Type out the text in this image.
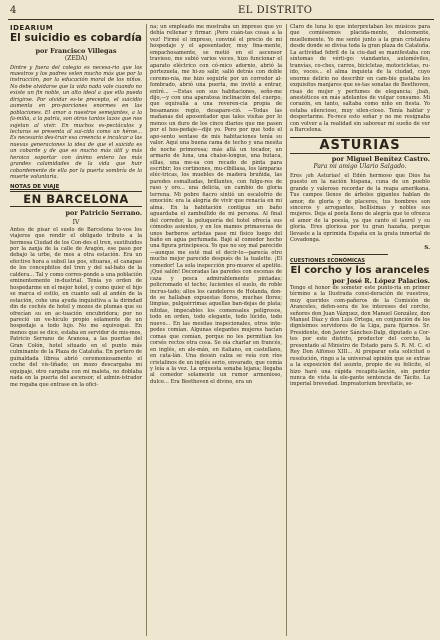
4	EL DISTRITO

IDEARIUM

El suicidio es cobardía

por Francisco Villegas

(ZEDA)

Dintre y fuera del colegio es necesa-rio que los maestros y los padres velen mucho más que por la instrucción, por la educación moral de los niños. No debe olvidarse que la vida nada vale cuando no existe un fin noble, un alto ideal a que ella pueda dirigirse. Por olvidar es-te precepto, el suicidio aumenta en pro-porciones enormes en las poblaciones. El amor a nuestros semejantes, a la fa-milia, a la patria, son otros tantos lazos que nos sujetan al vivir. En muchos es-pectáculos y lecturas se presenta al sui-cida como un héroe... Es necesario des-truir esa creencia e inculcar a las nuevas generaciones la idea de que el suicida es un cobarde y de que es mucho más útil y más heroico soportar con ánimo entero las más grandes calamidades de la vida que huir cobardemente de ella por la puerta sombría de la muerte voluntaria.

NOTAS DE VIAJE

EN BARCELONA

por Patricio Serrano.

IV

Antes de pisar el suelo de Barcelona to-vos los viajeros que rendir el obligado tributo a la hermosa Ciudad de los Con-des el tren, sustituidos por la zanja de la calle de Aragón, ese paso por debajo la urbe, de mos a otra estación. Era un efectivo hora a subsil las pos, situaras, el canapao de los concepbitos del tren y del sal-bato de la caldera... Tal y como corres-ponde a una población eminentemente in-dustrial. Tenía yo orden de hospedarme en el mejor hotel, y como quier el hijo se marca el estilo, en cuanto salí al andén de la estación, cohe una ayuda inquisitiva a la dirindad din de cochés de hotel y mozos de plumas que su ofrecían su en ac-tuación encubridora; por no pareció un ve-hículo propio solamente de un hospedaje a todo lujo. No me equivoqué. En menos que se dice, estaba en servidor de mis-mos, Patricio Serrano de Aranosa, a las puertas del Gran Colón, hotel situado en el punto más culminante de la Plaza de Cataluña. En portero de guinaldada librea abrió ceremoniosamente el coche del vis-tiñado; un mozo descargaba mi equipaje, otro cargaba con mi maleta, no doblaba nada en la puerta del ascensor, el admin-istrador me rogaba que entrase en la ofici-

na; un empleado me mostraba un impreso que yo debía rellenar y firmar. ¡Pero cuán-tas cosas a la vez! Firmé el impreso, conviné el precio de mi hospedaje y el aposentador, muy fina-mente, empachosamente, se metió en el ascensor travieso, me subió varios veces, hizo funcionar el aparato eléctrico con có-mico adornio, abrió la portezuela, me hi-zo salir, salió detrás con doble ceremo-nia, me hizo seguirle por un corredor al-fombrado, abrió una puerta, me invitó a entrar, entré... —Estas son sus habitaciones, seño-me dijo,—y con una aparatosa inclinación del cuerpo, que equivalía a una reveren-cia propia de besamanos regio, desapare-ció. —Todas las mañanas del aposentador que tales visitas por lo menos un duro de los cinco diarios que me pasen por el hos-pedaje—dije yo. Pero por que todo el apo-sento sentase de mis habitaciones tenía su valor. Aquí una buena cama de techo y una mesita de noche primorosa; más allá un tocador, un armario de luna, una chaise-longue, una butaca, sillas, una me-sa con recado de pinta para escribir; los cortinones, mu-cibiliasa, los lámparas eléc-tricas, los muebles de madera bruñida, las paredes esmaltadas, brillantes, con fulgu-res de raso y oro... una delicia, un cambio de gloria terrena. Mi pobre fiacro sintió un escalofrío de emoción: era la alegría de vivir que renacía en mi alma. En la habitación contigua un baño aguardaba el zambullido de mi persona. Al final del corredor, la peluquería del hotel ofrecía sus cómodos asientos, y en los mamos primaveras de unos barberos artistas pase mi físico luego del baño en agua perfumada. Bajé al comedor hecho una figura principesca. Yo que no soy mal parecido—aunque me esté mal el decir-lo—parecía otro mucho mejor parecido después de la tualette. ¡El comedor! La sola inspección pro-mueve el apetito. ¡Qué salón! Decoradas las paredes con escenas de caza y pesca admirablemente pintadas; policromado el techo; lucientes el suelo, de roble incrus-tado; altos los candeleros de Holanda, don-de se hallaban expuestas flores, muchas flores; limpias, pulquérrimas aquellas ban-dejas de plata; nítidas, impecables los comensales peligrosos, todo en orden, todo elegante, todo lúcido, todo nuevo... En las mesitas inspecionales, otros inte-pedes comían. Algunas elegantes mujeres hacían comas que comían, porque no les permitían los corsés rectos otra cosa. Se oía charlar en francés, en inglés, en ale-mán, en italiano, en castellano, en cata-lán. Una dessin calza se veía con ríos cristalinos de un inglés serio, envarado, que comía y leía a la vez. La orquesta sonaba lejana; llegaba al comedor solamente un rumor armonioso, dulce... Era Beethoven el divino, era un

Claro de luna lo que interpretaban los músicos para que comiésemos plácida-mente, dulcemente, muellemente. Yo me senté junto a la gran cristalera desde donde se divisa toda la gran plaza de Cataluña. La actividad febril de la ciu-dad se manifestaba con síntomas de vérti-go: viandantes, automóviles, tranvías, co-ches, carros, bicicletas, motocicletas, ru-ido, voces... el alma inquieta de la ciudad, cuyo enorme delirio no describir en cam-bio gustaba los exquisitos manjares que es-tas sonatas de Beethoven, risas de mujer y perfumes de elegancia; ¡bah, anestéticos en más adelantos de vulgar consumo. Mi corazón, en tanto, saltaba como niño en fiesta. Yo estaba silencioso, muy silen-cioso. Tenía hablar y despertarme. Fo-rece esto soñar y no me resignaba con volver a la realidad sin saborear mi sueño de ver a Barcelona.

ASTURIAS

por Miguel Benítez Castro.

Para mi amigo Ulario Salgado.

Eres ¡oh Asturias! el Edén hermoso que Dios ha puesto en la nación hispana, cuna de un pueblo grande y valeroso recordar de la reapa amerikana. Tus campos llenos de árboles gigantes hablan de amor, de gloria y de placeres, tus hombres son sinceros y arrogantes, bellísimas y nobles sus mujeres. Deja al poeta lleno de alegría que te ofrezca el amor de la poesía, ya que canto el laurel y su gloria. Eres gloriosa por tu gran hazaña, porque llevaste a la oprimida España en la grata inmortal de Covadonga.

S.

CUESTIONES ECONÓMICAS

El corcho y los aranceles

por José R. López Palacios.

Tengo el honor de someter este punto-ria en primer término a la Ilustrada consi-deración de vuestros, muy queridos com-pañeros de la Comisión de Aranceles, defen-sora de los intereses del corcho, señores don Juan Vázquez, don Manuel González, don Manuel Díaz y don Luis Ortega, en conjunción de los dignísimos servidores de la Liga, para fijarnos. Sr. Presidente, don Javier Sánchez-Dalp, diputado a Cor-tes por este distrito, productor del corcho, la presentado al Ministro de Estado para S. R. M. C. el Rey Don Alfonso XIII... Al preparar esta solicitud o resolución, ringo a la universal opinión que se extrae a la exposición del asunto, propio de su felicite, el hizo haré una rápida recapitu-lación, sin perder nunca de vista la ele-gante sentencia de Tácito. La imperial brevedad. Impreatorium brevitatis, se-
